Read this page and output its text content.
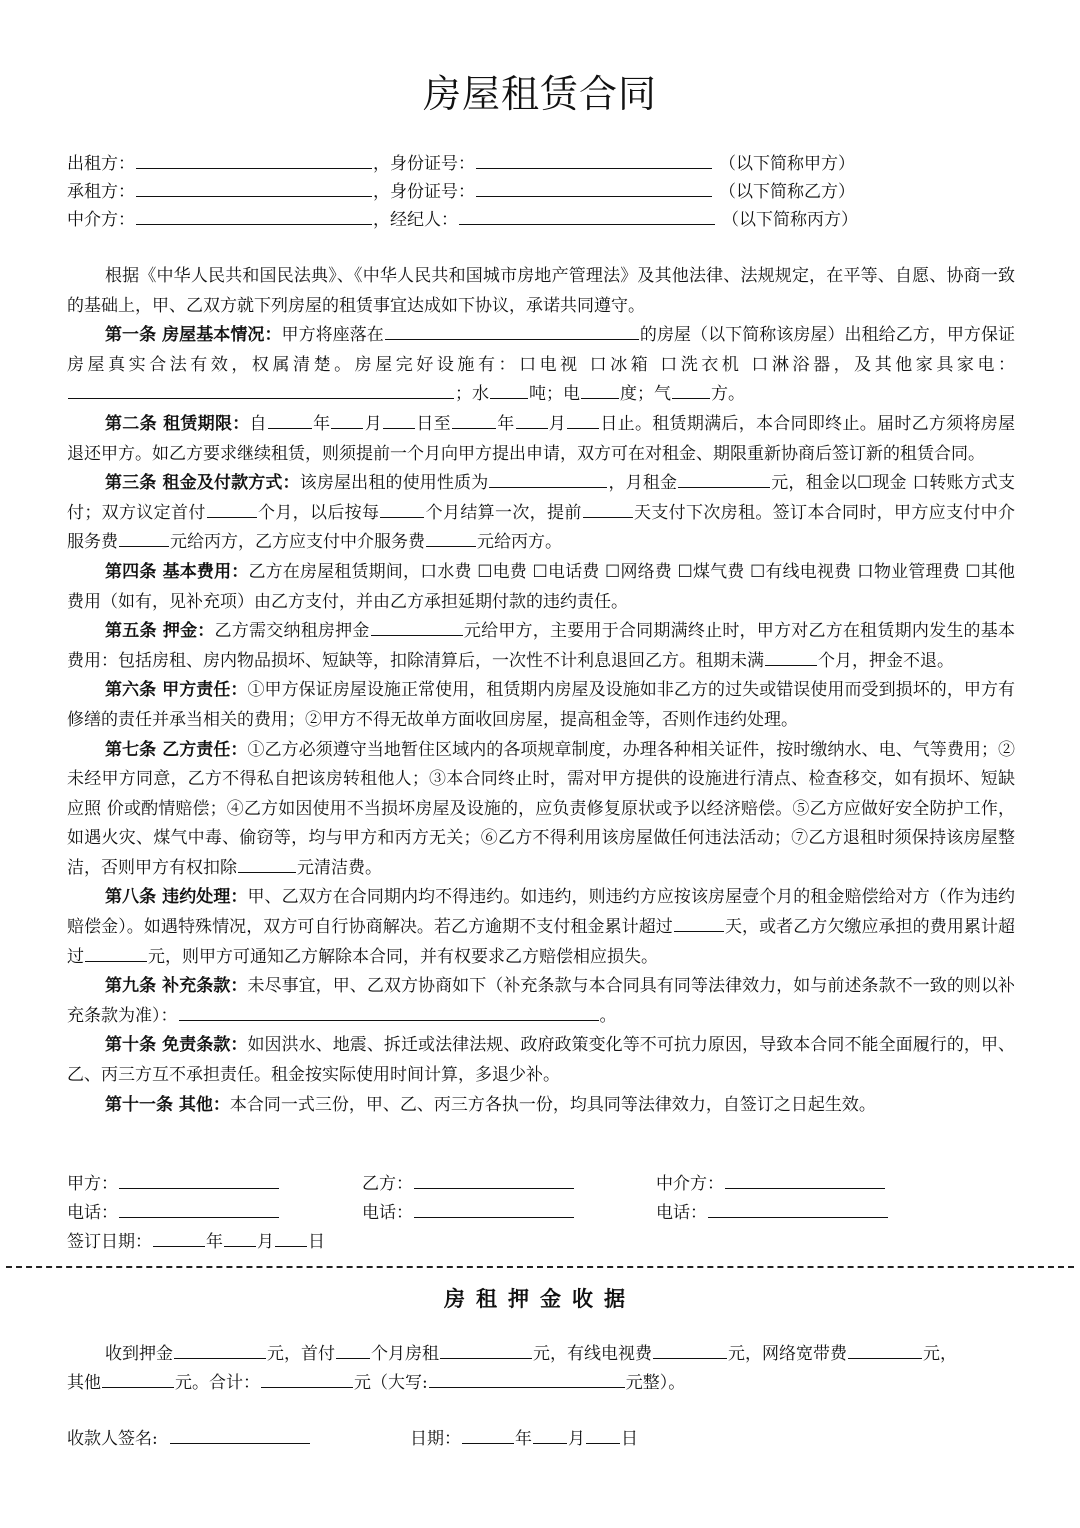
房屋租赁合同
出租方：	，身份证号：	（以下简称甲方）
承租方：	，身份证号：	（以下简称乙方）
中介方：	，经纪人：	（以下简称丙方）

根据《中华人民共和国民法典》、《中华人民共和国城市房地产管理法》及其他法律、法规规定，在平等、自愿、协商一致的基础上，甲、乙双方就下列房屋的租赁事宜达成如下协议，承诺共同遵守。

第一条 房屋基本情况：甲方将座落在	的房屋（以下简称该房屋）出租给乙方，甲方保证房屋真实合法有效，权属清楚。房屋完好设施有：口电视 口冰箱 口洗衣机 口淋浴器，及其他家具家电：；水 吨；电 度；气 方。

第二条 租赁期限：自	年 月 日至	年 月 日止。租赁期满后，本合同即终止。届时乙方须将房屋退还甲方。如乙方要求继续租赁，则须提前一个月向甲方提出申请，双方可在对租金、期限重新协商后签订新的租赁合同。

第三条 租金及付款方式：该房屋出租的使用性质为	，月租金	元，租金以☐现金 口转账方式支付；双方议定首付	个月，以后按每	个月结算一次，提前	天支付下次房租。签订本合同时，甲方应支付中介服务费	元给丙方，乙方应支付中介服务费	元给丙方。

第四条 基本费用：乙方在房屋租赁期间，口水费 ☐电费 ☐电话费 ☐网络费 ☐煤气费 ☐有线电视费 口物业管理费 ☐其他费用（如有，见补充项）由乙方支付，并由乙方承担延期付款的违约责任。

第五条 押金：乙方需交纳租房押金	元给甲方，主要用于合同期满终止时，甲方对乙方在租赁期内发生的基本费用：包括房租、房内物品损坏、短缺等，扣除清算后，一次性不计利息退回乙方。租期未满	个月，押金不退。

第六条 甲方责任：①甲方保证房屋设施正常使用，租赁期内房屋及设施如非乙方的过失或错误使用而受到损坏的，甲方有修缮的责任并承当相关的费用；②甲方不得无故单方面收回房屋，提高租金等，否则作违约处理。

第七条 乙方责任：①乙方必须遵守当地暂住区域内的各项规章制度，办理各种相关证件，按时缴纳水、电、气等费用；②未经甲方同意，乙方不得私自把该房转租他人；③本合同终止时，需对甲方提供的设施进行清点、检查移交，如有损坏、短缺应照 价或酌情赔偿；④乙方如因使用不当损坏房屋及设施的，应负责修复原状或予以经济赔偿。⑤乙方应做好安全防护工作，如遇火灾、煤气中毒、偷窃等，均与甲方和丙方无关；⑥乙方不得利用该房屋做任何违法活动；⑦乙方退租时须保持该房屋整洁，否则甲方有权扣除	元清洁费。

第八条 违约处理：甲、乙双方在合同期内均不得违约。如违约，则违约方应按该房屋壹个月的租金赔偿给对方（作为违约赔偿金）。如遇特殊情况，双方可自行协商解决。若乙方逾期不支付租金累计超过	天，或者乙方欠缴应承担的费用累计超过	元，则甲方可通知乙方解除本合同，并有权要求乙方赔偿相应损失。

第九条 补充条款：未尽事宜，甲、乙双方协商如下（补充条款与本合同具有同等法律效力，如与前述条款不一致的则以补充条款为准）：	。

第十条 免责条款：如因洪水、地震、拆迁或法律法规、政府政策变化等不可抗力原因，导致本合同不能全面履行的，甲、乙、丙三方互不承担责任。租金按实际使用时间计算，多退少补。

第十一条 其他：本合同一式三份，甲、乙、丙三方各执一份，均具同等法律效力，自签订之日起生效。

甲方：	乙方：	中介方：
电话：	电话：	电话：
签订日期：	年 月 日
房租押金收据

收到押金	元，首付 个月房租	元，有线电视费	元，网络宽带费	元，

其他	元。合计：	元（大写:	元整）。

收款人签名:	日期：	年 月 日
